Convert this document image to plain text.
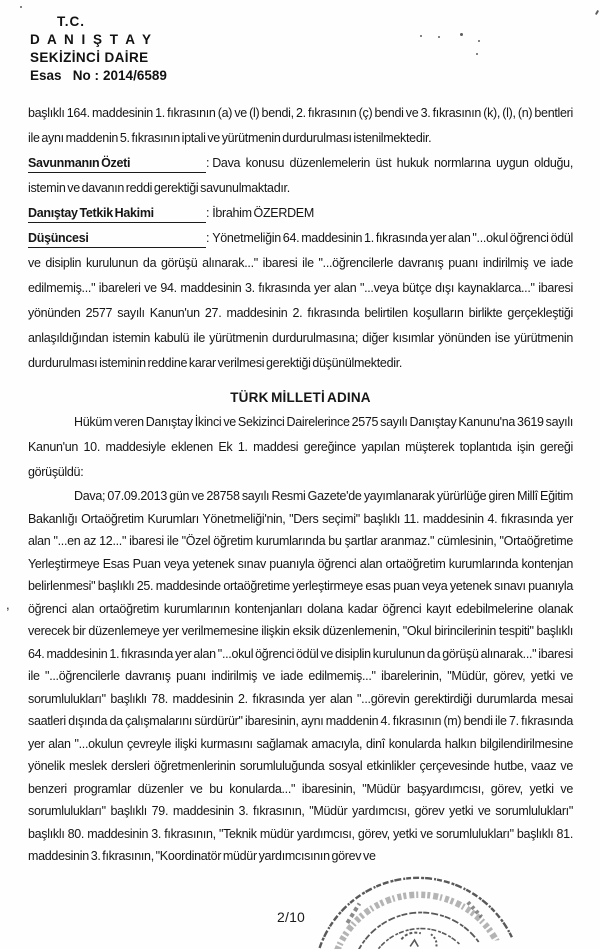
T.C.
D A N I Ş T A Y
SEKİZİNCİ DAİRE
Esas   No : 2014/6589

başlıklı 164. maddesinin 1. fıkrasının (a) ve (l) bendi, 2. fıkrasının (ç) bendi ve 3. fıkrasının (k), (l), (n) bentleri ile aynı maddenin 5. fıkrasının iptali ve yürütmenin durdurulması istenilmektedir.

Savunmanın Özeti	: Dava konusu düzenlemelerin üst hukuk normlarına uygun olduğu, istemin ve davanın reddi gerektiği savunulmaktadır.

Danıştay Tetkik Hakimi	: İbrahim ÖZERDEM

Düşüncesi	: Yönetmeliğin 64. maddesinin 1. fıkrasında yer alan "...okul öğrenci ödül ve disiplin kurulunun da görüşü alınarak..." ibaresi ile "...öğrencilerle davranış puanı indirilmiş ve iade edilmemiş..." ibareleri ve 94. maddesinin 3. fıkrasında yer alan "...veya bütçe dışı kaynaklarca..." ibaresi yönünden 2577 sayılı Kanun'un 27. maddesinin 2. fıkrasında belirtilen koşulların birlikte gerçekleştiği anlaşıldığından istemin kabulü ile yürütmenin durdurulmasına; diğer kısımlar yönünden ise yürütmenin durdurulması isteminin reddine karar verilmesi gerektiği düşünülmektedir.

TÜRK MİLLETİ ADINA

Hüküm veren Danıştay İkinci ve Sekizinci Dairelerince 2575 sayılı Danıştay Kanunu'na 3619 sayılı Kanun'un 10. maddesiyle eklenen Ek 1. maddesi gereğince yapılan müşterek toplantıda işin gereği görüşüldü:

Dava; 07.09.2013 gün ve 28758 sayılı Resmi Gazete'de yayımlanarak yürürlüğe giren Millî Eğitim Bakanlığı Ortaöğretim Kurumları Yönetmeliği'nin, "Ders seçimi" başlıklı 11. maddesinin 4. fıkrasında yer alan "...en az 12..." ibaresi ile "Özel öğretim kurumlarında bu şartlar aranmaz." cümlesinin, "Ortaöğretime Yerleştirmeye Esas Puan veya yetenek sınav puanıyla öğrenci alan ortaöğretim kurumlarında kontenjan belirlenmesi" başlıklı 25. maddesinde ortaöğretime yerleştirmeye esas puan veya yetenek sınavı puanıyla öğrenci alan ortaöğretim kurumlarının kontenjanları dolana kadar öğrenci kayıt edebilmelerine olanak verecek bir düzenlemeye yer verilmemesine ilişkin eksik düzenlemenin, "Okul birincilerinin tespiti" başlıklı 64. maddesinin 1. fıkrasında yer alan "...okul öğrenci ödül ve disiplin kurulunun da görüşü alınarak..." ibaresi ile "...öğrencilerle davranış puanı indirilmiş ve iade edilmemiş..." ibarelerinin, "Müdür, görev, yetki ve sorumlulukları" başlıklı 78. maddesinin 2. fıkrasında yer alan "...görevin gerektirdiği durumlarda mesai saatleri dışında da çalışmalarını sürdürür" ibaresinin, aynı maddenin 4. fıkrasının (m) bendi ile 7. fıkrasında yer alan "...okulun çevreyle ilişki kurmasını sağlamak amacıyla, dinî konularda halkın bilgilendirilmesine yönelik meslek dersleri öğretmenlerinin sorumluluğunda sosyal etkinlikler çerçevesinde hutbe, vaaz ve benzeri programlar düzenler ve bu konularda..." ibaresinin, "Müdür başyardımcısı, görev, yetki ve sorumlulukları" başlıklı 79. maddesinin 3. fıkrasının, "Müdür yardımcısı, görev yetki ve sorumlulukları" başlıklı 80. maddesinin 3. fıkrasının, "Teknik müdür yardımcısı, görev, yetki ve sorumlulukları" başlıklı 81. maddesinin 3. fıkrasının, "Koordinatör müdür yardımcısının görev ve

2/10
,
